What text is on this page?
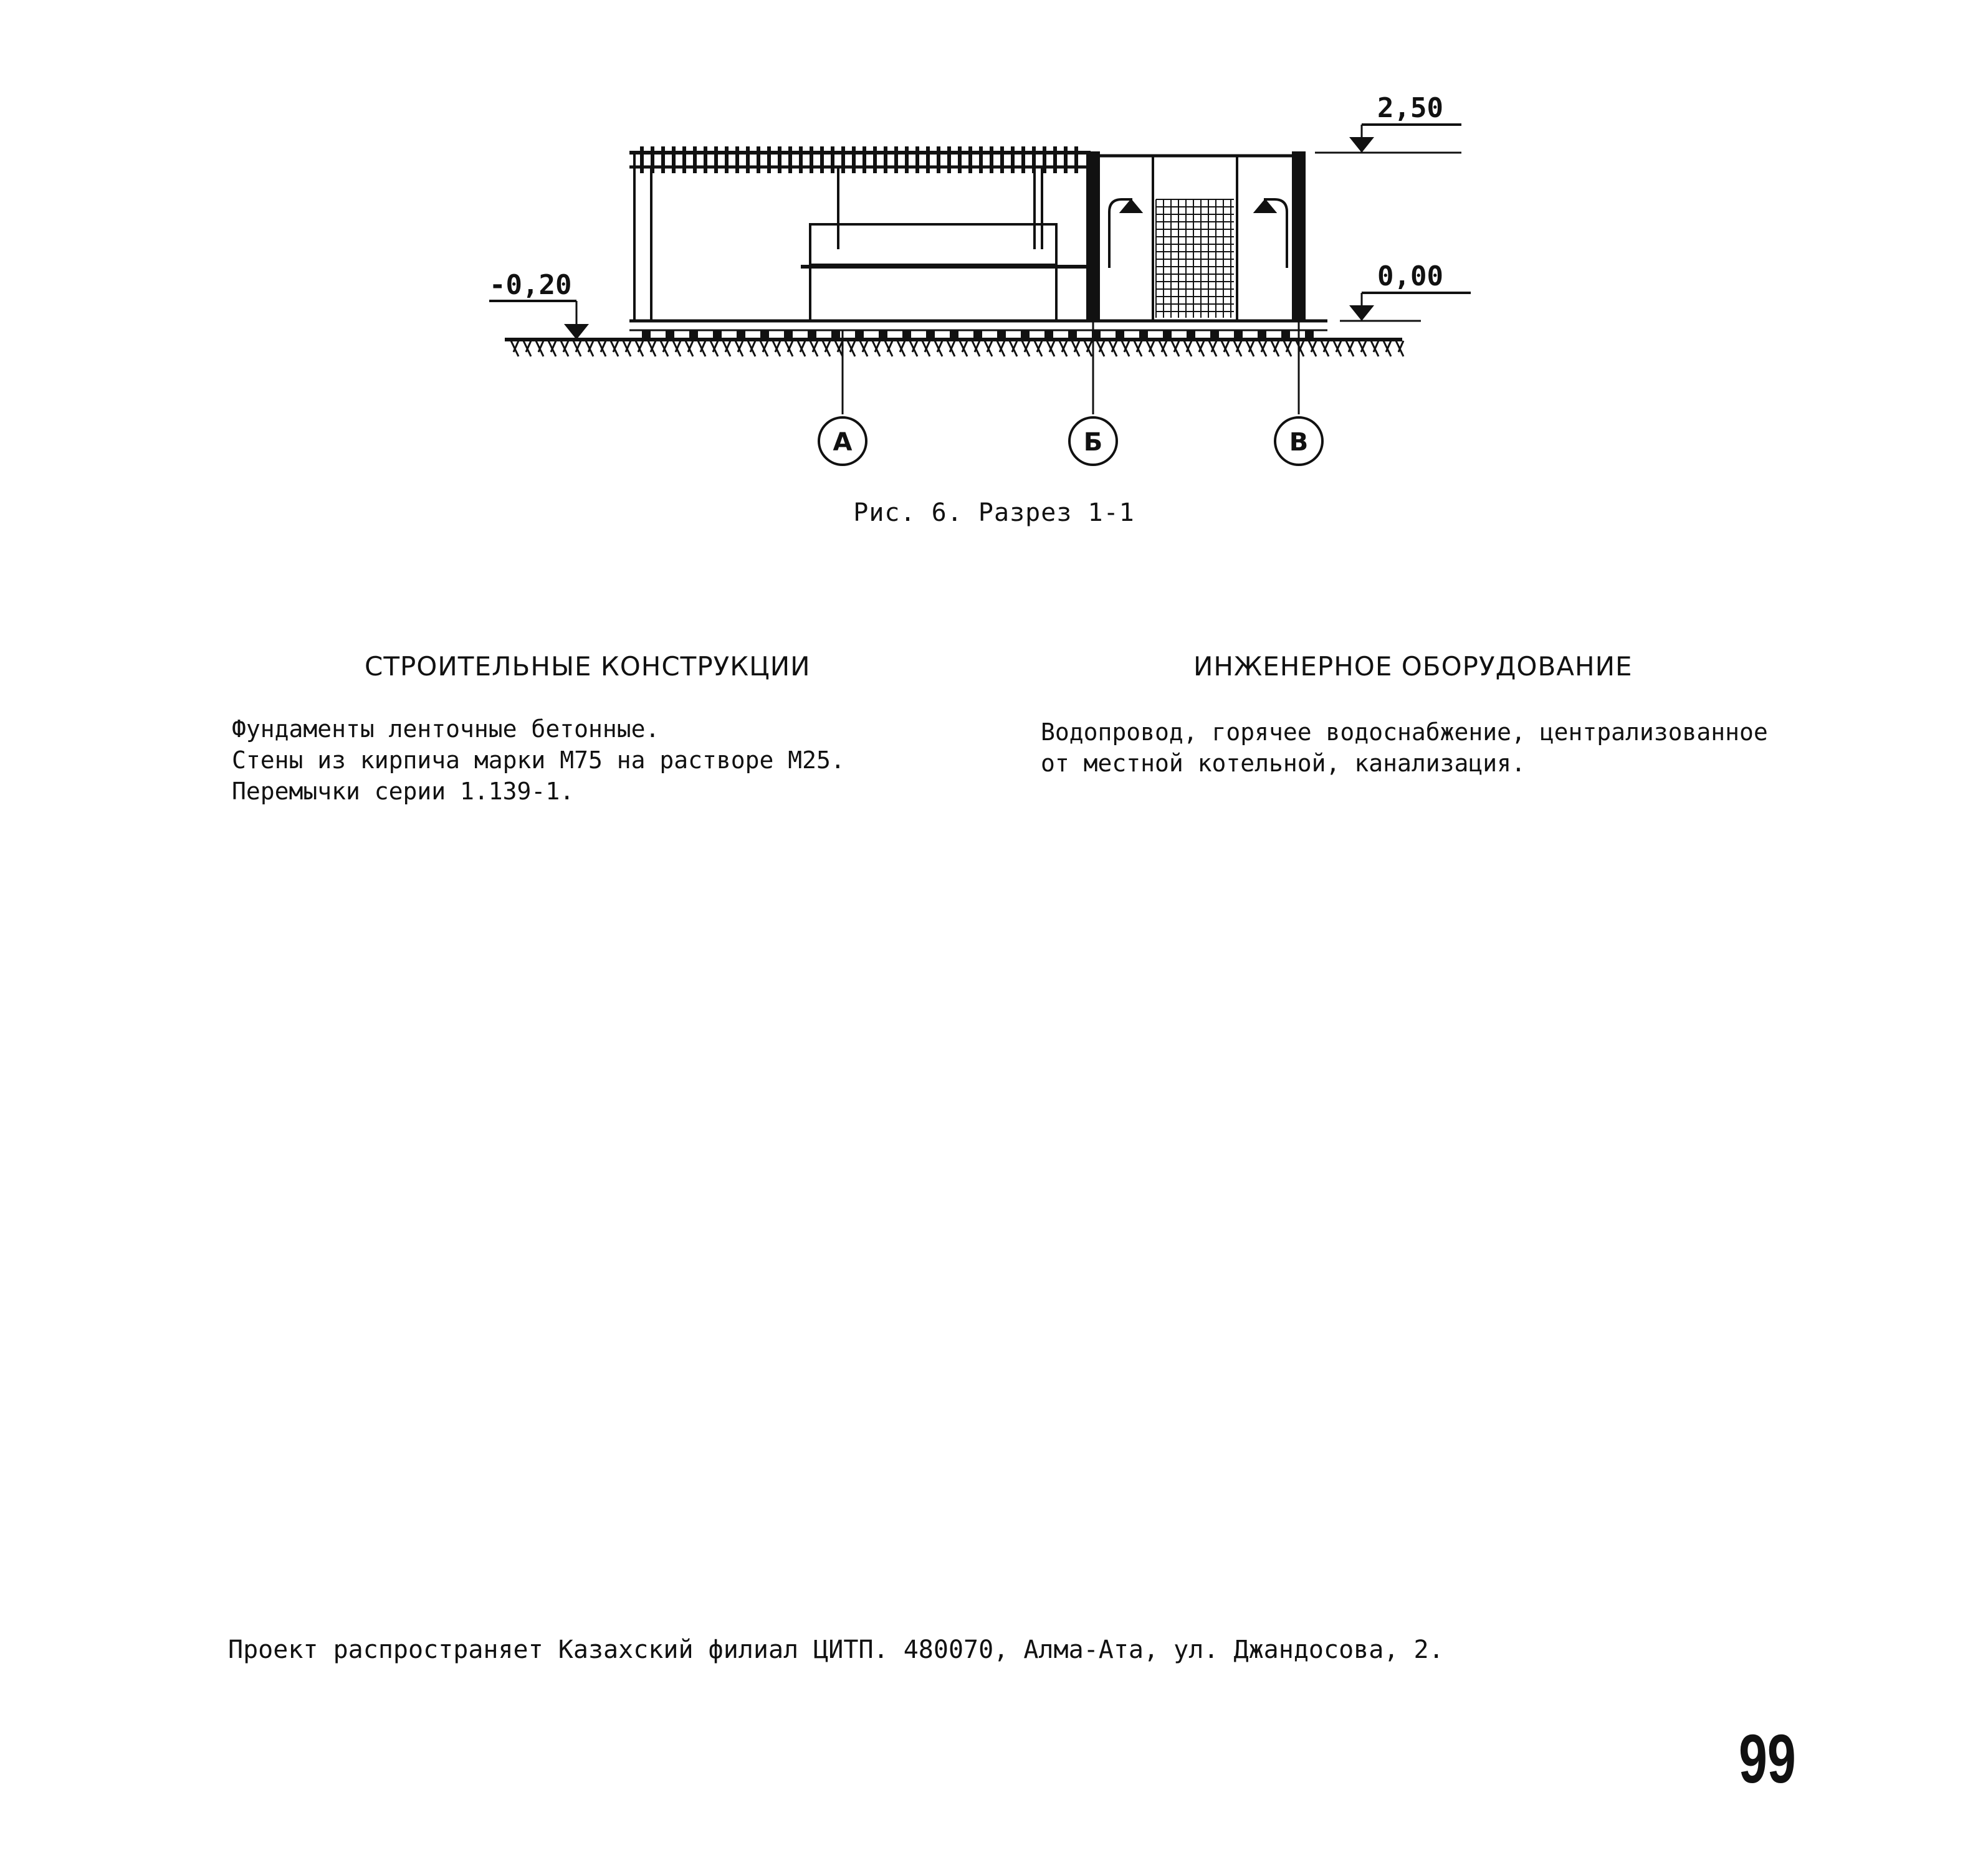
2,50
0,00
-0,20
А	Б	В
Рис. 6. Разрез 1-1
СТРОИТЕЛЬНЫЕ КОНСТРУКЦИИ
Фундаменты ленточные бетонные.
Стены из кирпича марки М75 на растворе М25.
Перемычки серии 1.139-1.
ИНЖЕНЕРНОЕ ОБОРУДОВАНИЕ
Водопровод, горячее водоснабжение, централизованное
от местной котельной, канализация.
Проект распространяет Казахский филиал ЦИТП. 480070, Алма-Ата, ул. Джандосова, 2.
99
